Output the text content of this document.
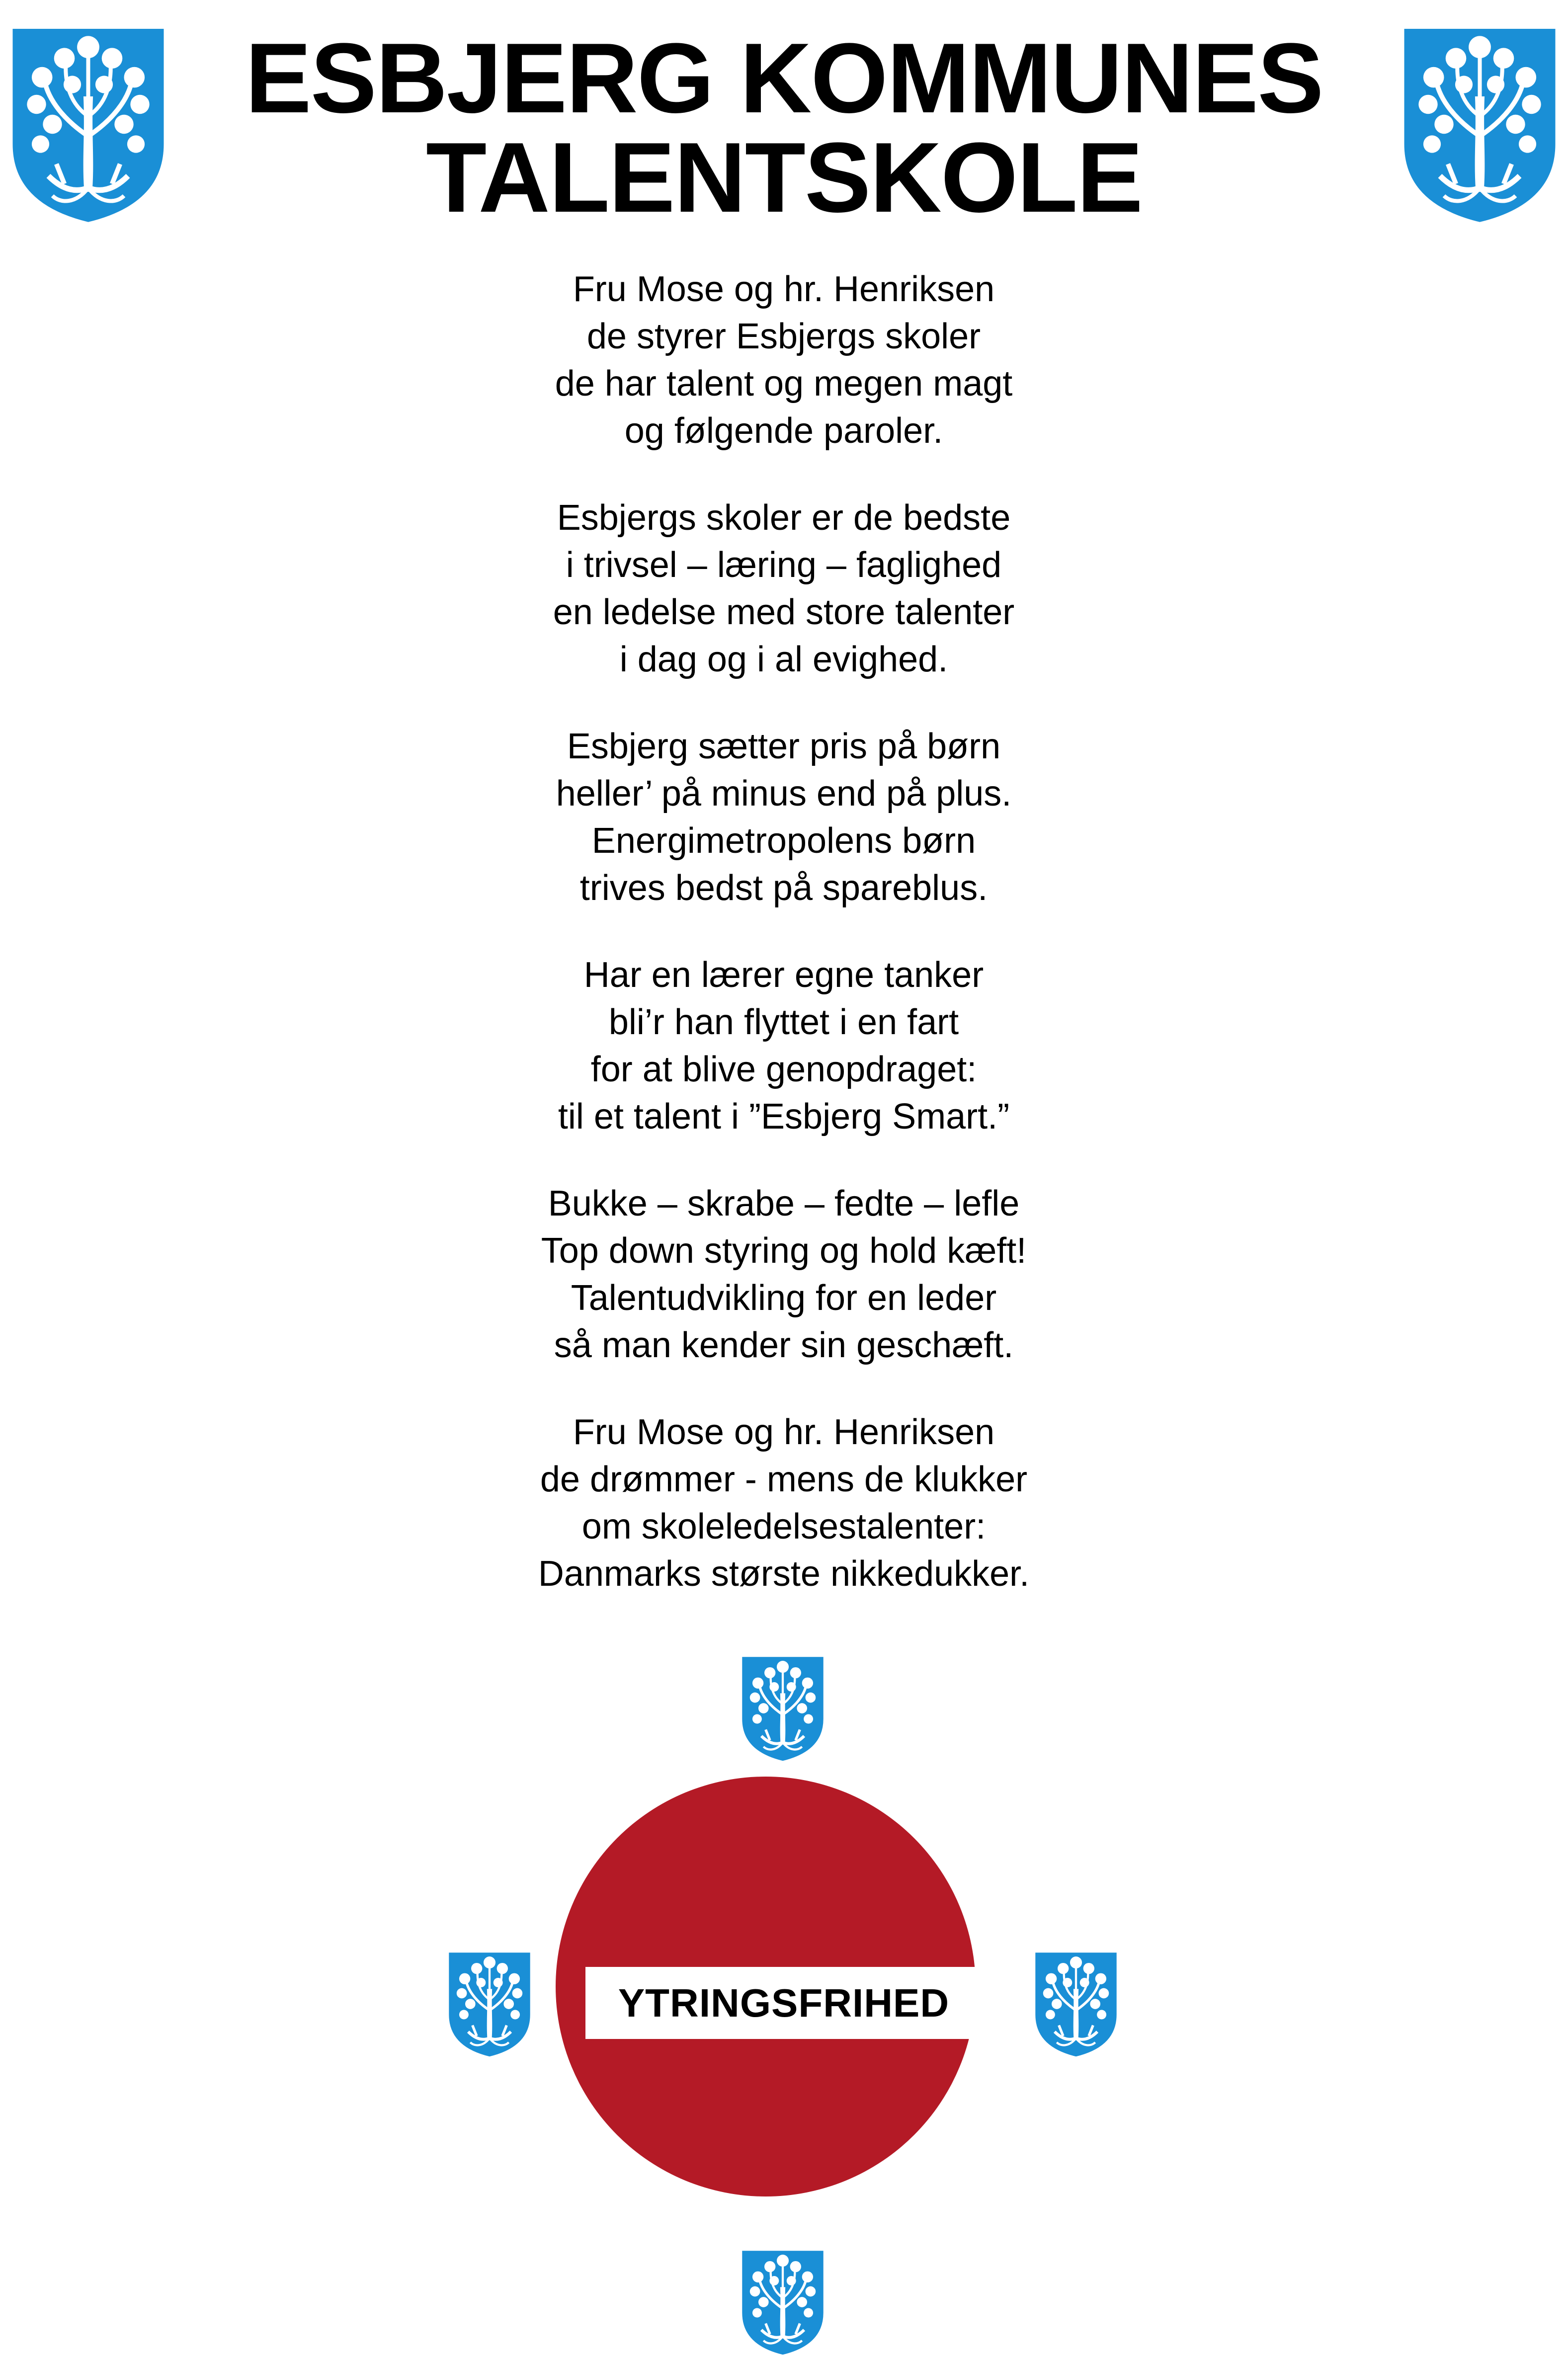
ESBJERG KOMMUNES
TALENTSKOLE
Fru Mose og hr. Henriksen
de styrer Esbjergs skoler
de har talent og megen magt
og følgende paroler.
Esbjergs skoler er de bedste
i trivsel – læring – faglighed
en ledelse med store talenter
i dag og i al evighed.
Esbjerg sætter pris på børn
heller’ på minus end på plus.
Energimetropolens børn
trives bedst på spareblus.
Har en lærer egne tanker
bli’r han flyttet i en fart
for at blive genopdraget:
til et talent i ”Esbjerg Smart.”
Bukke – skrabe – fedte – lefle
Top down styring og hold kæft!
Talentudvikling for en leder
så man kender sin geschæft.
Fru Mose og hr. Henriksen
de drømmer - mens de klukker
om skoleledelsestalenter:
Danmarks største nikkedukker.
YTRINGSFRIHED
